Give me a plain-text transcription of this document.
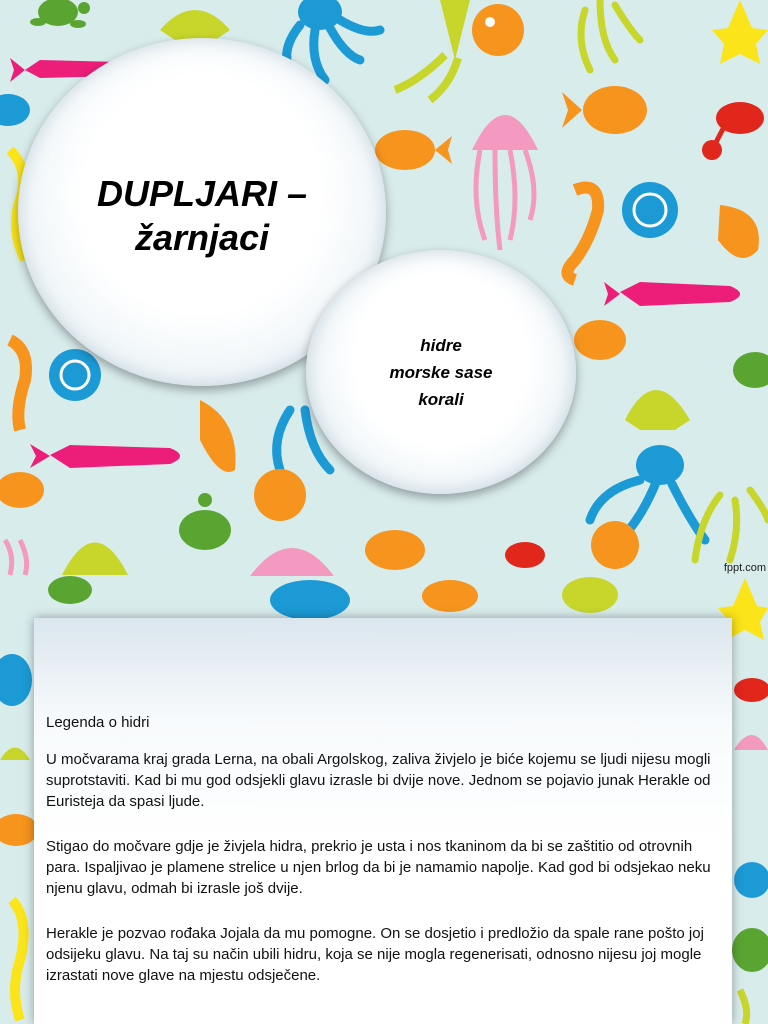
DUPLJARI –
žarnjaci
hidre
morske sase
korali
fppt.com

Legenda o hidri

U močvarama kraj grada Lerna, na obali Argolskog, zaliva živjelo je biće kojemu se ljudi nijesu mogli suprotstaviti. Kad bi mu god odsjekli glavu izrasle bi dvije nove. Jednom se pojavio junak Herakle od Euristeja da spasi ljude.

Stigao do močvare gdje je živjela hidra, prekrio je usta i nos tkaninom da bi se zaštitio od otrovnih para. Ispaljivao je plamene strelice u njen brlog da bi je namamio napolje. Kad god bi odsjekao neku njenu glavu, odmah bi izrasle još dvije.

Herakle je pozvao rođaka Jojala da mu pomogne. On se dosjetio i predložio da spale rane pošto joj odsijeku glavu. Na taj su način ubili hidru, koja se nije mogla regenerisati, odnosno nijesu joj mogle izrastati nove glave na mjestu odsječene.
